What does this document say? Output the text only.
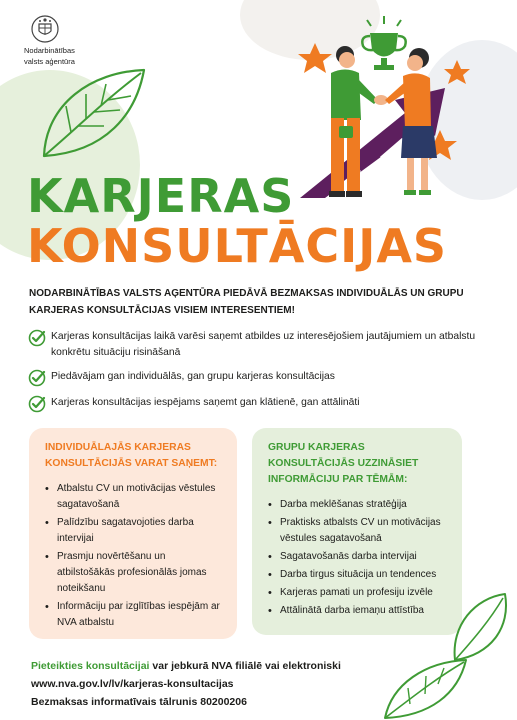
Nodarbinātības
valsts aģentūra
KARJERAS
KONSULTĀCIJAS
NODARBINĀTĪBAS VALSTS AĢENTŪRA PIEDĀVĀ BEZMAKSAS INDIVIDUĀLĀS UN GRUPU KARJERAS KONSULTĀCIJAS VISIEM INTERESENTIEM!
Karjeras konsultācijas laikā varēsi saņemt atbildes uz interesējošiem jautājumiem un atbalstu konkrētu situāciju risināšanā
Piedāvājam gan individuālās, gan grupu karjeras konsultācijas
Karjeras konsultācijas iespējams saņemt gan klātienē, gan attālināti
INDIVIDUĀLAJĀS KARJERAS KONSULTĀCIJĀS VARAT SAŅEMT:
• Atbalstu CV un motivācijas vēstules sagatavošanā
• Palīdzību sagatavojoties darba intervijai
• Prasmju novērtēšanu un atbilstošākās profesionālās jomas noteikšanu
• Informāciju par izglītības iespējām ar NVA atbalstu
GRUPU KARJERAS KONSULTĀCIJĀS UZZINĀSIET INFORMĀCIJU PAR TĒMĀM:
• Darba meklēšanas stratēģija
• Praktisks atbalsts CV un motivācijas vēstules sagatavošanā
• Sagatavošanās darba intervijai
• Darba tirgus situācija un tendences
• Karjeras pamati un profesiju izvēle
• Attālinātā darba iemaņu attīstība
Pieteikties konsultācijai var jebkurā NVA filiālē vai elektroniski
www.nva.gov.lv/lv/karjeras-konsultacijas
Bezmaksas informatīvais tālrunis 80200206
